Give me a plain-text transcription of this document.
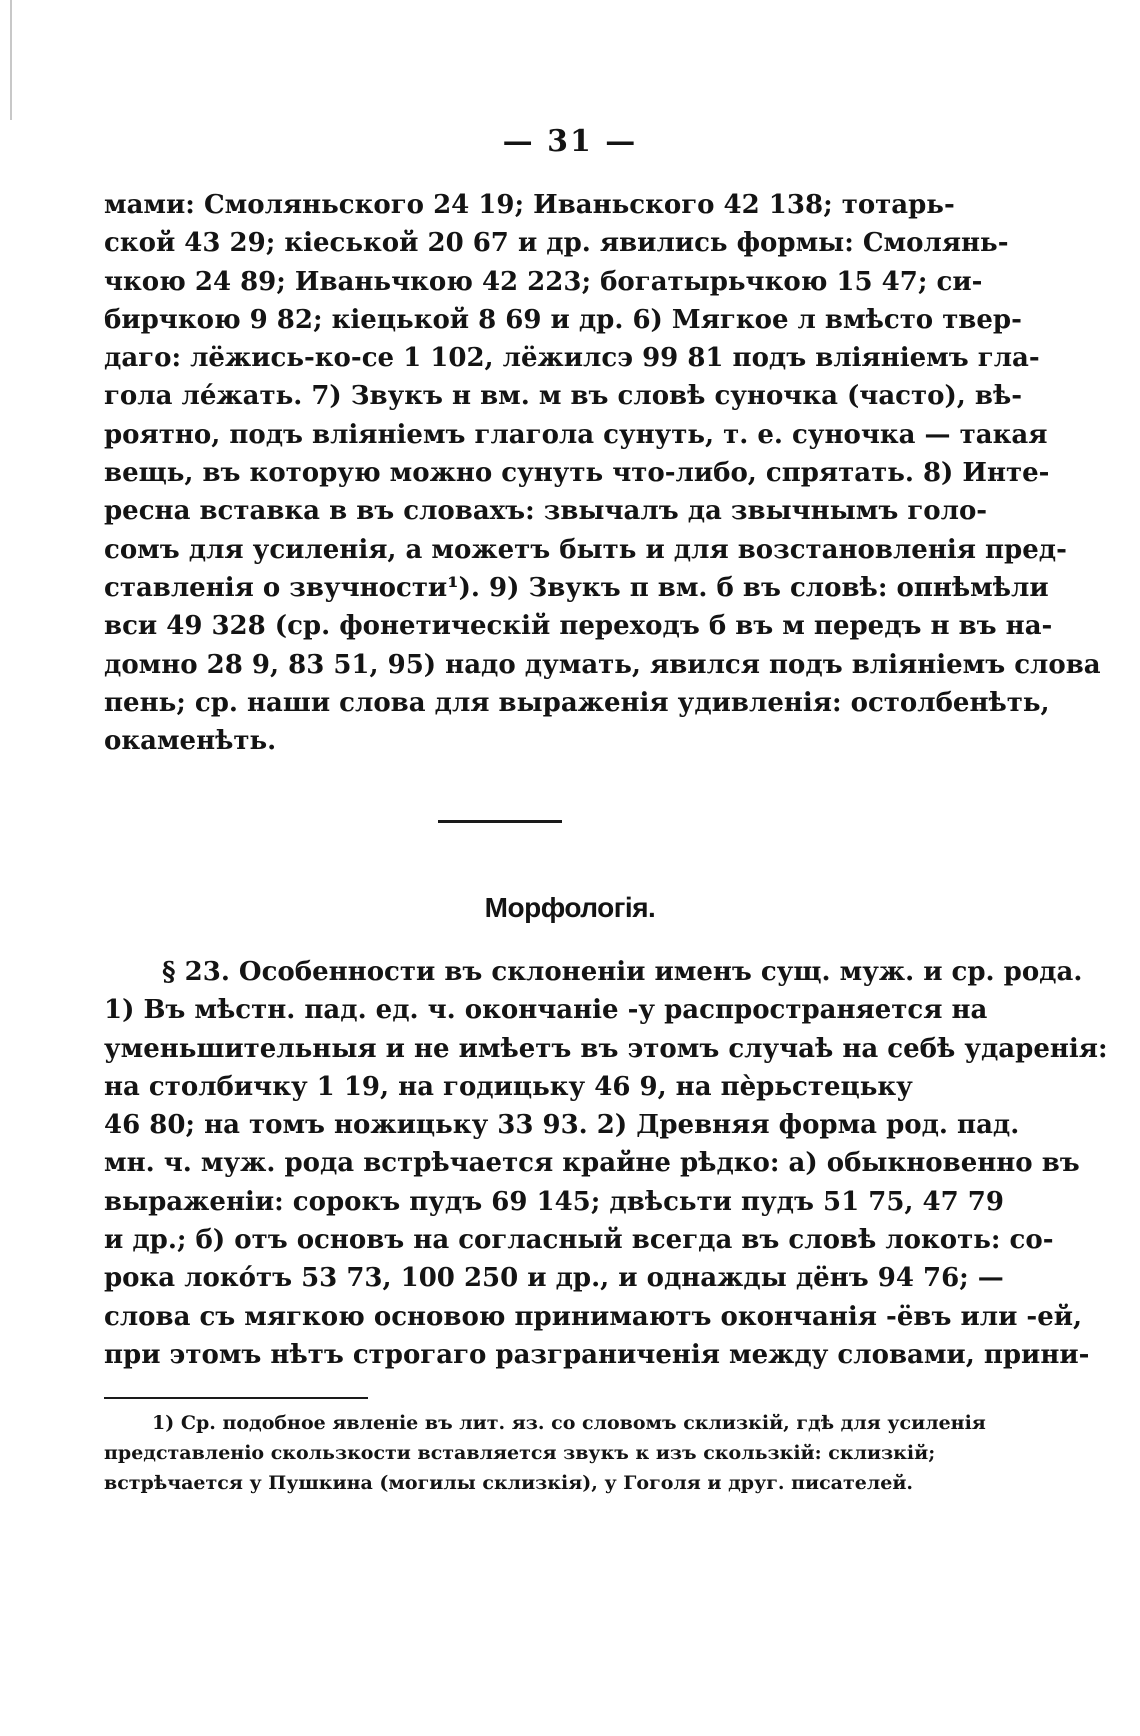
— 31 —
мами: Смоляньского 24 19; Иваньского 42 138; тотарь-
ской 43 29; кіеськой 20 67 и др. явились формы: Смолянь-
чкою 24 89; Иваньчкою 42 223; богатырьчкою 15 47; си-
бирчкою 9 82; кіецькой 8 69 и др. 6) Мягкое л вмѣсто твер-
даго: лёжись-ко-се 1 102, лёжилсэ 99 81 подъ вліяніемъ гла-
гола ле́жать. 7) Звукъ н вм. м въ словѣ суночка (часто), вѣ-
роятно, подъ вліяніемъ глагола сунуть, т. е. суночка — такая
вещь, въ которую можно сунуть что-либо, спрятать. 8) Инте-
ресна вставка в въ словахъ: звычалъ да звычнымъ голо-
сомъ для усиленія, а можетъ быть и для возстановленія пред-
ставленія о звучности¹). 9) Звукъ п вм. б въ словѣ: опнѣмѣли
вси 49 328 (ср. фонетическій переходъ б въ м передъ н въ на-
домно 28 9, 83 51, 95) надо думать, явился подъ вліяніемъ слова
пень; ср. наши слова для выраженія удивленія: остолбенѣть,
окаменѣть.
Морфологія.
§ 23. Особенности въ склоненіи именъ сущ. муж. и ср. рода.
1) Въ мѣстн. пад. ед. ч. окончаніе -у распространяется на
уменьшительныя и не имѣетъ въ этомъ случаѣ на себѣ ударенія:
на столбичку 1 19, на годицьку 46 9, на пѐрьстецьку
46 80; на томъ ножицьку 33 93. 2) Древняя форма род. пад.
мн. ч. муж. рода встрѣчается крайне рѣдко: а) обыкновенно въ
выраженіи: сорокъ пудъ 69 145; двѣсьти пудъ 51 75, 47 79
и др.; б) отъ основъ на согласный всегда въ словѣ локоть: со-
рока локо́тъ 53 73, 100 250 и др., и однажды дёнъ 94 76; —
слова съ мягкою основою принимаютъ окончанія -ёвъ или -ей,
при этомъ нѣтъ строгаго разграниченія между словами, прини-
1) Ср. подобное явленіе въ лит. яз. со словомъ склизкій, гдѣ для усиленія
представленіо скользкости вставляется звукъ к изъ скользкій: склизкій;
встрѣчается у Пушкина (могилы склизкія), у Гоголя и друг. писателей.
